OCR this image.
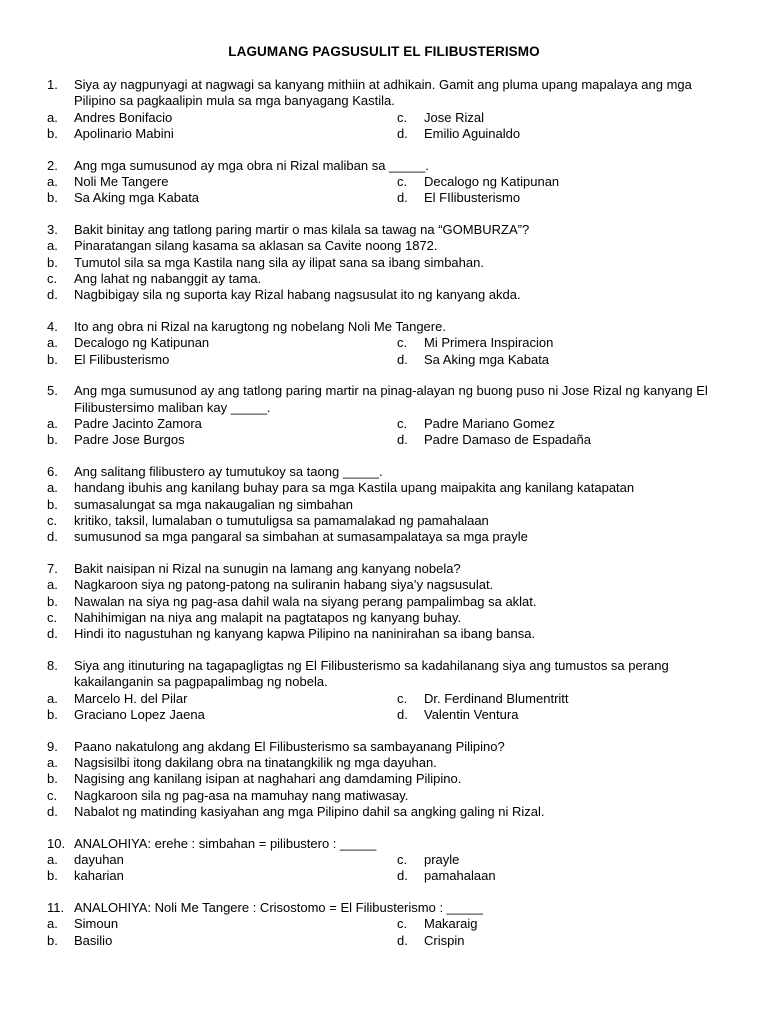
LAGUMANG PAGSUSULIT EL FILIBUSTERISMO
1. Siya ay nagpunyagi at nagwagi sa kanyang mithiin at adhikain. Gamit ang pluma upang mapalaya ang mga Pilipino sa pagkaalipin mula sa mga banyagang Kastila.
a. Andres Bonifacio	c. Jose Rizal
b. Apolinario Mabini	d. Emilio Aguinaldo
2. Ang mga sumusunod ay mga obra ni Rizal maliban sa _____.
a. Noli Me Tangere	c. Decalogo ng Katipunan
b. Sa Aking mga Kabata	d. El FIlibusterismo
3. Bakit binitay ang tatlong paring martir o mas kilala sa tawag na “GOMBURZA”?
a. Pinaratangan silang kasama sa aklasan sa Cavite noong 1872.
b. Tumutol sila sa mga Kastila nang sila ay ilipat sana sa ibang simbahan.
c. Ang lahat ng nabanggit ay tama.
d. Nagbibigay sila ng suporta kay Rizal habang nagsusulat ito ng kanyang akda.
4. Ito ang obra ni Rizal na karugtong ng nobelang Noli Me Tangere.
a. Decalogo ng Katipunan	c. Mi Primera Inspiracion
b. El Filibusterismo	d. Sa Aking mga Kabata
5. Ang mga sumusunod ay ang tatlong paring martir na pinag-alayan ng buong puso ni Jose Rizal ng kanyang El Filibustersimo maliban kay _____.
a. Padre Jacinto Zamora	c. Padre Mariano Gomez
b. Padre Jose Burgos	d. Padre Damaso de Espadaña
6. Ang salitang filibustero ay tumutukoy sa taong _____.
a. handang ibuhis ang kanilang buhay para sa mga Kastila upang maipakita ang kanilang katapatan
b. sumasalungat sa mga nakaugalian ng simbahan
c. kritiko, taksil, lumalaban o tumutuligsa sa pamamalakad ng pamahalaan
d. sumusunod sa mga pangaral sa simbahan at sumasampalataya sa mga prayle
7. Bakit naisipan ni Rizal na sunugin na lamang ang kanyang nobela?
a. Nagkaroon siya ng patong-patong na suliranin habang siya’y nagsusulat.
b. Nawalan na siya ng pag-asa dahil wala na siyang perang pampalimbag sa aklat.
c. Nahihimigan na niya ang malapit na pagtatapos ng kanyang buhay.
d. Hindi ito nagustuhan ng kanyang kapwa Pilipino na naninirahan sa ibang bansa.
8. Siya ang itinuturing na tagapagligtas ng El Filibusterismo sa kadahilanang siya ang tumustos sa perang kakailanganin sa pagpapalimbag ng nobela.
a. Marcelo H. del Pilar	c. Dr. Ferdinand Blumentritt
b. Graciano Lopez Jaena	d. Valentin Ventura
9. Paano nakatulong ang akdang El Filibusterismo sa sambayanang Pilipino?
a. Nagsisilbi itong dakilang obra na tinatangkilik ng mga dayuhan.
b. Nagising ang kanilang isipan at naghahari ang damdaming Pilipino.
c. Nagkaroon sila ng pag-asa na mamuhay nang matiwasay.
d. Nabalot ng matinding kasiyahan ang mga Pilipino dahil sa angking galing ni Rizal.
10. ANALOHIYA: erehe : simbahan = pilibustero : _____
a. dayuhan	c. prayle
b. kaharian	d. pamahalaan
11. ANALOHIYA: Noli Me Tangere : Crisostomo = El Filibusterismo : _____
a. Simoun	c. Makaraig
b. Basilio	d. Crispin
